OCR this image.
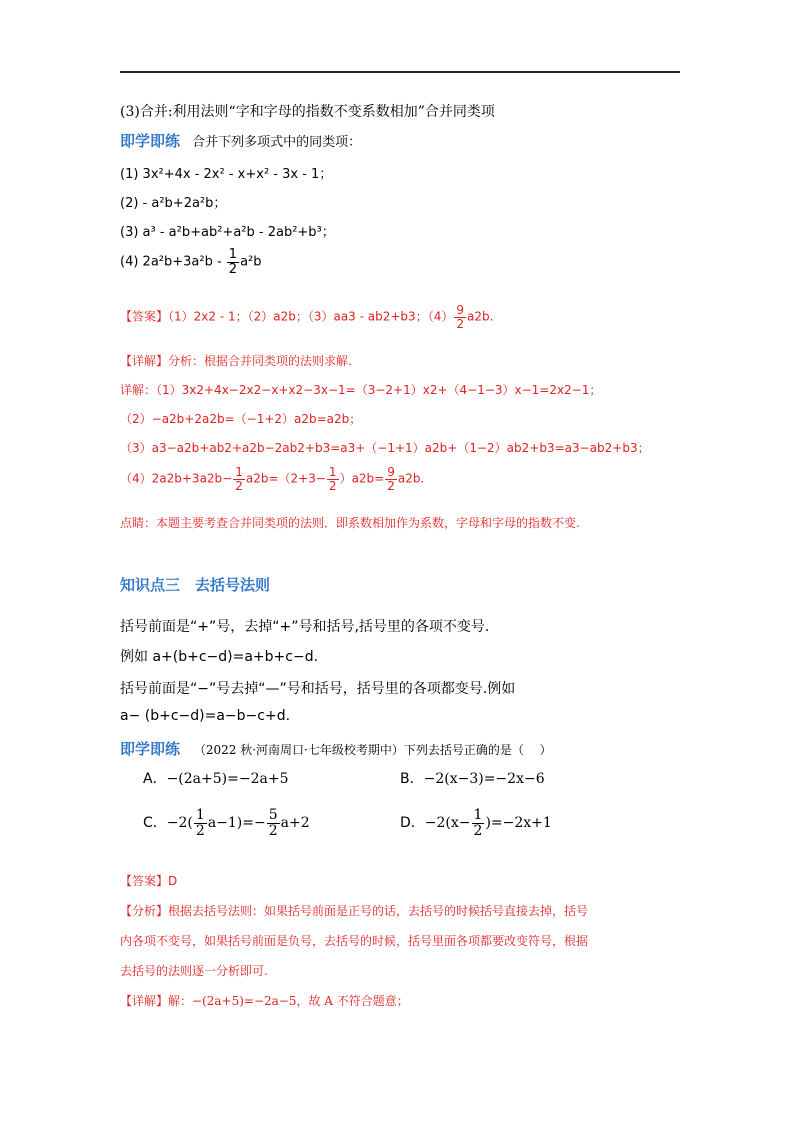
(3)合并:利用法则“字和字母的指数不变系数相加”合并同类项
即学即练 合并下列多项式中的同类项：
(1) 3x²+4x - 2x² - x+x² - 3x - 1；
(2) - a²b+2a²b；
(3) a³ - a²b+ab²+a²b - 2ab²+b³；
(4) $2a^2b+3a^2b - \frac{1}{2} a^2b$
【答案】（1）2x2 - 1；（2）a2b；（3）aa3 - ab2+b3；$(4) \frac{9}{2} a2b$.
【详解】分析：根据合并同类项的法则求解.
详解：（1）3x2+4x−2x2−x+x2−3x−1=（3−2+1）x2+（4−1−3）x−1=2x2−1；
（2）−a2b+2a2b=（−1+2）a2b=a2b；
（3）a3−a2b+ab2+a2b−2ab2+b3=a3+（−1+1）a2b+（1−2）ab2+b3=a3−ab2+b3；
$(4)2a2b+3a2b- \frac{1}{2} a2b=(2+3- \frac{1}{2} )a2b= \frac{9}{2} a2b$.
点睛：本题主要考查合并同类项的法则．即系数相加作为系数，字母和字母的指数不变.
知识点三　去括号法则
括号前面是“+”号，去掉“+”号和括号,括号里的各项不变号.
例如 a+(b+c−d)=a+b+c−d.
括号前面是“−”号去掉“—”号和括号，括号里的各项都变号.例如
a− (b+c−d)=a−b−c+d.
即学即练 （2022 秋·河南周口·七年级校考期中）下列去括号正确的是（　 ）
A．−(2a+5)=−2a+5	B．−2(x−3)=−2x−6
C．$-2( \frac{1}{2} a-1)=- \frac{5}{2} a+2$	D．$-2(x- \frac{1}{2} )=-2x+1$
【答案】D
【分析】根据去括号法则：如果括号前面是正号的话，去括号的时候括号直接去掉，括号
内各项不变号，如果括号前面是负号，去括号的时候，括号里面各项都要改变符号，根据
去括号的法则逐一分析即可.
【详解】解：−(2a+5)=−2a−5，故 A 不符合题意；
